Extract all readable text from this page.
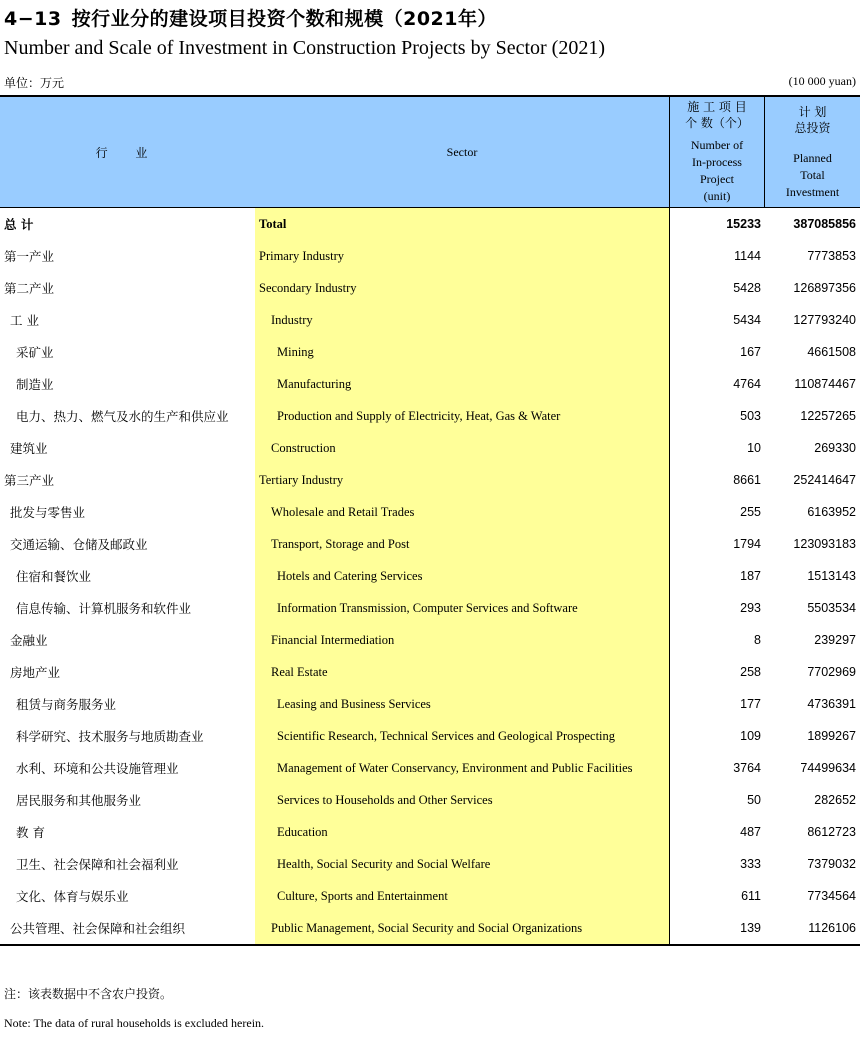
4−13 按行业分的建设项目投资个数和规模（2021年）
Number and Scale of Investment in Construction Projects by Sector (2021)
单位：万元	(10 000 yuan)
行 业	Sector
施 工 项 目
个 数（个）
Number of
In-process
Project
(unit)
计 划
总投资
Planned
Total
Investment
总 计	Total	15233	387085856
第一产业	Primary Industry	1144	7773853
第二产业	Secondary Industry	5428	126897356
工 业	Industry	5434	127793240
采矿业	Mining	167	4661508
制造业	Manufacturing	4764	110874467
电力、热力、燃气及水的生产和供应业	Production and Supply of Electricity, Heat, Gas & Water	503	12257265
建筑业	Construction	10	269330
第三产业	Tertiary Industry	8661	252414647
批发与零售业	Wholesale and Retail Trades	255	6163952
交通运输、仓储及邮政业	Transport, Storage and Post	1794	123093183
住宿和餐饮业	Hotels and Catering Services	187	1513143
信息传输、计算机服务和软件业	Information Transmission, Computer Services and Software	293	5503534
金融业	Financial Intermediation	8	239297
房地产业	Real Estate	258	7702969
租赁与商务服务业	Leasing and Business Services	177	4736391
科学研究、技术服务与地质勘查业	Scientific Research, Technical Services and Geological Prospecting	109	1899267
水利、环境和公共设施管理业	Management of Water Conservancy, Environment and Public Facilities	3764	74499634
居民服务和其他服务业	Services to Households and Other Services	50	282652
教 育	Education	487	8612723
卫生、社会保障和社会福利业	Health, Social Security and Social Welfare	333	7379032
文化、体育与娱乐业	Culture, Sports and Entertainment	611	7734564
公共管理、社会保障和社会组织	Public Management, Social Security and Social Organizations	139	1126106
注：该表数据中不含农户投资。
Note: The data of rural households is excluded herein.
